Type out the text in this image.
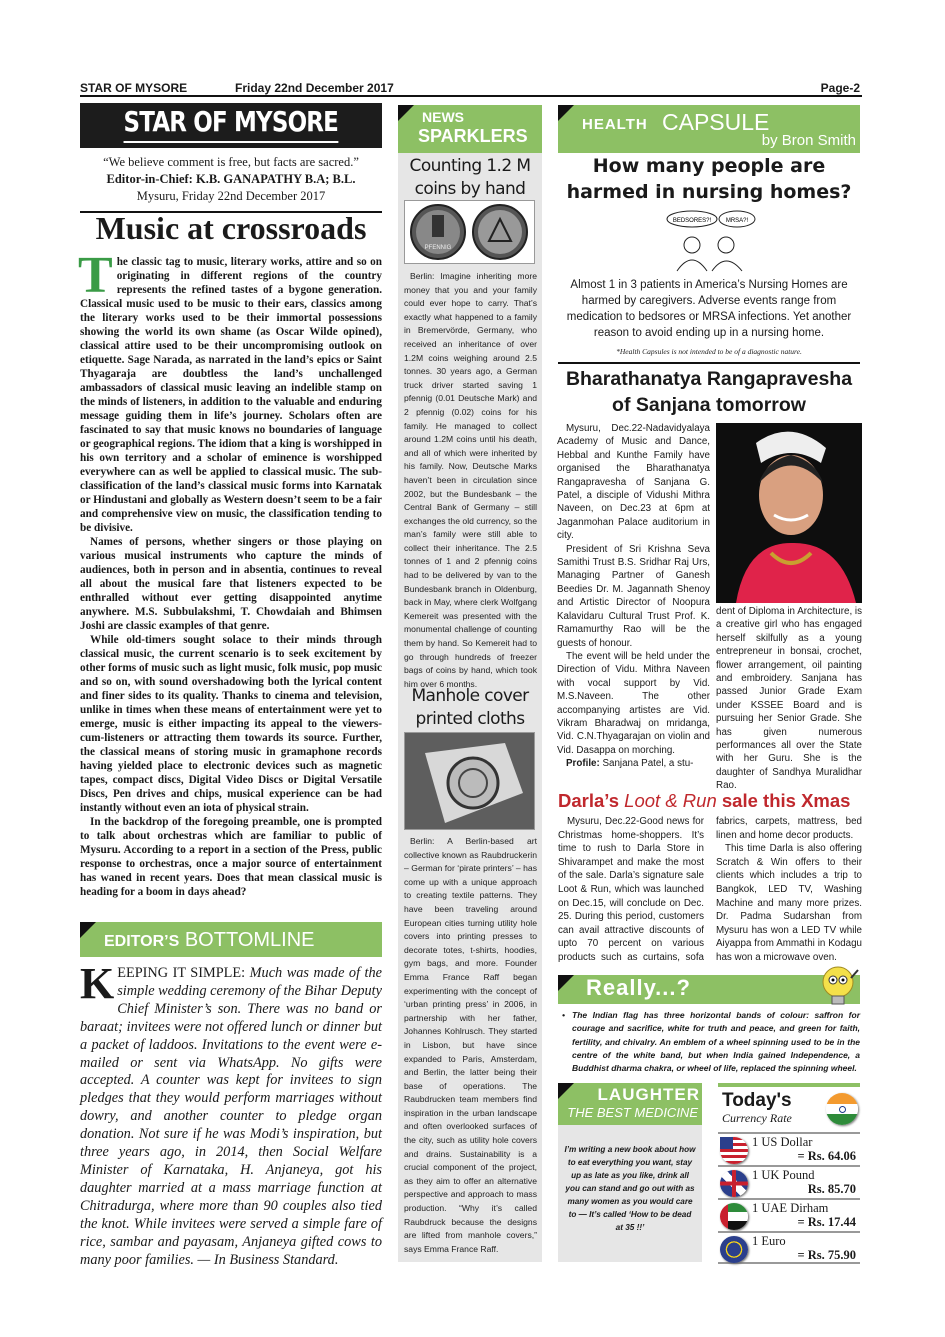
STAR OF MYSORE	Friday 22nd December 2017	Page-2
STAR OF MYSORE
“We believe comment is free, but facts are sacred.”
Editor-in-Chief: K.B. GANAPATHY B.A; B.L.
Mysuru, Friday 22nd December 2017
Music at crossroads

The classic tag to music, literary works, attire and so on originating in different regions of the country represents the refined tastes of a bygone generation. Classical music used to be music to their ears, classics among the literary works used to be their immortal possessions showing the world its own shame (as Oscar Wilde opined), classical attire used to be their uncompromising outlook on etiquette. Sage Narada, as narrated in the land’s epics or Saint Thyagaraja are doubtless the land’s unchallenged ambassadors of classical music leaving an indelible stamp on the minds of listeners, in addition to the valuable and enduring message guiding them in life’s journey. Scholars often are fascinated to say that music knows no boundaries of language or geographical regions. The idiom that a king is worshipped in his own territory and a scholar of eminence is worshipped everywhere can as well be applied to classical music. The sub-classification of the land’s classical music forms into Karnatak or Hindustani and globally as Western doesn’t seem to be a fair and comprehensive view on music, the classification tending to be divisive.

Names of persons, whether singers or those playing on various musical instruments who capture the minds of audiences, both in person and in absentia, continues to reveal all about the musical fare that listeners expected to be enthralled without ever getting disappointed anytime anywhere. M.S. Subbulakshmi, T. Chowdaiah and Bhimsen Joshi are classic examples of that genre.

While old-timers sought solace to their minds through classical music, the current scenario is to seek excitement by other forms of music such as light music, folk music, pop music and so on, with sound overshadowing both the lyrical content and finer sides to its quality. Thanks to cinema and television, unlike in times when these means of entertainment were yet to emerge, music is either impacting its appeal to the viewers-cum-listeners or attracting them towards its source. Further, the classical means of storing music in gramaphone records having yielded place to electronic devices such as magnetic tapes, compact discs, Digital Video Discs or Digital Versatile Discs, Pen drives and chips, musical experience can be had instantly without even an iota of physical strain.

In the backdrop of the foregoing preamble, one is prompted to talk about orchestras which are familiar to public of Mysuru. According to a report in a section of the Press, public response to orchestras, once a major source of entertainment has waned in recent years. Does that mean classical music is heading for a boom in days ahead?

EDITOR’S BOTTOMLINE
KEEPING IT SIMPLE: Much was made of the simple wedding ceremony of the Bihar Deputy Chief Minister’s son. There was no band or baraat; invitees were not offered lunch or dinner but a packet of laddoos. Invitations to the event were e-mailed or sent via WhatsApp. No gifts were accepted. A counter was kept for invitees to sign pledges that they would perform marriages without dowry, and another counter to pledge organ donation. Not sure if he was Modi’s inspiration, but three years ago, in 2014, then Social Welfare Minister of Karnataka, H. Anjaneya, got his daughter married at a mass marriage function at Chitradurga, where more than 90 couples also tied the knot. While invitees were served a simple fare of rice, sambar and payasam, Anjaneya gifted cows to many poor families. — In Business Standard.
NEWS
SPARKLERS
Counting 1.2 M coins by hand
PFENNIG

Berlin: Imagine inheriting more money that you and your family could ever hope to carry. That’s exactly what happened to a family in Bremervörde, Germany, who received an inheritance of over 1.2M coins weighing around 2.5 tonnes. 30 years ago, a German truck driver started saving 1 pfennig (0.01 Deutsche Mark) and 2 pfennig (0.02) coins for his family. He managed to collect around 1.2M coins until his death, and all of which were inherited by his family. Now, Deutsche Marks haven’t been in circulation since 2002, but the Bundesbank – the Central Bank of Germany – still exchanges the old currency, so the man’s family were still able to collect their inheritance. The 2.5 tonnes of 1 and 2 pfennig coins had to be delivered by van to the Bundesbank branch in Oldenburg, back in May, where clerk Wolfgang Kemereit was presented with the monumental challenge of counting them by hand. So Kemereit had to go through hundreds of freezer bags of coins by hand, which took him over 6 months.

Manhole cover printed cloths

Berlin: A Berlin-based art collective known as Raubdruckerin – German for ‘pirate printers’ – has come up with a unique approach to creating textile patterns. They have been traveling around European cities turning utility hole covers into printing presses to decorate totes, t-shirts, hoodies, gym bags, and more. Founder Emma France Raff began experimenting with the concept of ‘urban printing press’ in 2006, in partnership with her father, Johannes Kohlrusch. They started in Lisbon, but have since expanded to Paris, Amsterdam, and Berlin, the latter being their base of operations. The Raubdrucken team members find inspiration in the urban landscape and often overlooked surfaces of the city, such as utility hole covers and drains. Sustainability is a crucial component of the project, as they aim to offer an alternative perspective and approach to mass production. “Why it’s called Raubdruck because the designs are lifted from manhole covers,” says Emma France Raff.

HEALTH CAPSULE
by Bron Smith
How many people are harmed in nursing homes?
BEDSORES?! MRSA?!
Almost 1 in 3 patients in America’s Nursing Homes are harmed by caregivers. Adverse events range from medication to bedsores or MRSA infections. Yet another reason to avoid ending up in a nursing home.
*Health Capsules is not intended to be of a diagnostic nature.
Bharathanatya Rangapravesha of Sanjana tomorrow

Mysuru, Dec.22-Nadavidyalaya Academy of Music and Dance, Hebbal and Kunthe Family have organised the Bharathanatya Rangapravesha of Sanjana G. Patel, a disciple of Vidushi Mithra Naveen, on Dec.23 at 6pm at Jaganmohan Palace auditorium in city.

President of Sri Krishna Seva Samithi Trust B.S. Sridhar Raj Urs, Managing Partner of Ganesh Beedies Dr. M. Jagannath Shenoy and Artistic Director of Noopura Kalavidaru Cultural Trust Prof. K. Ramamurthy Rao will be the guests of honour.

The event will be held under the Direction of Vidu. Mithra Naveen with vocal support by Vid. M.S.Naveen. The other accompanying artistes are Vid. Vikram Bharadwaj on mridanga, Vid. C.N.Thyagarajan on violin and Vid. Dasappa on morching.

Profile: Sanjana Patel, a stu-

dent of Diploma in Architecture, is a creative girl who has engaged herself skilfully as a young entrepreneur in bonsai, crochet, flower arrangement, oil painting and embroidery. Sanjana has passed Junior Grade Exam under KSSEE Board and is pursuing her Senior Grade. She has given numerous performances all over the State with her Guru. She is the daughter of Sandhya Muralidhar Rao.

Darla’s Loot & Run sale this Xmas

Mysuru, Dec.22-Good news for Christmas home-shoppers. It’s time to rush to Darla Store in Shivarampet and make the most of the sale. Darla’s signature sale Loot & Run, which was launched on Dec.15, will conclude on Dec. 25. During this period, customers can avail attractive discounts of upto 70 percent on various products such as curtains, sofa fabrics, carpets, mattress, bed linen and home decor products.

This time Darla is also offering Scratch & Win offers to their clients which includes a trip to Bangkok, LED TV, Washing Machine and many more prizes. Dr. Padma Sudarshan from Mysuru has won a LED TV while Aiyappa from Ammathi in Kodagu has won a microwave oven.

Really...?
• The Indian flag has three horizontal bands of colour: saffron for courage and sacrifice, white for truth and peace, and green for faith, fertility, and chivalry. An emblem of a wheel spinning used to be in the centre of the white band, but when India gained Independence, a Buddhist dharma chakra, or wheel of life, replaced the spinning wheel.
LAUGHTER
THE BEST MEDICINE
I’m writing a new book about how to eat everything you want, stay up as late as you like, drink all you can stand and go out with as many women as you would care to — It’s called ‘How to be dead at 35 !!’
Today's
Currency Rate
1 US Dollar
= Rs. 64.06
1 UK Pound
Rs. 85.70
1 UAE Dirham
= Rs. 17.44
1 Euro
= Rs. 75.90
